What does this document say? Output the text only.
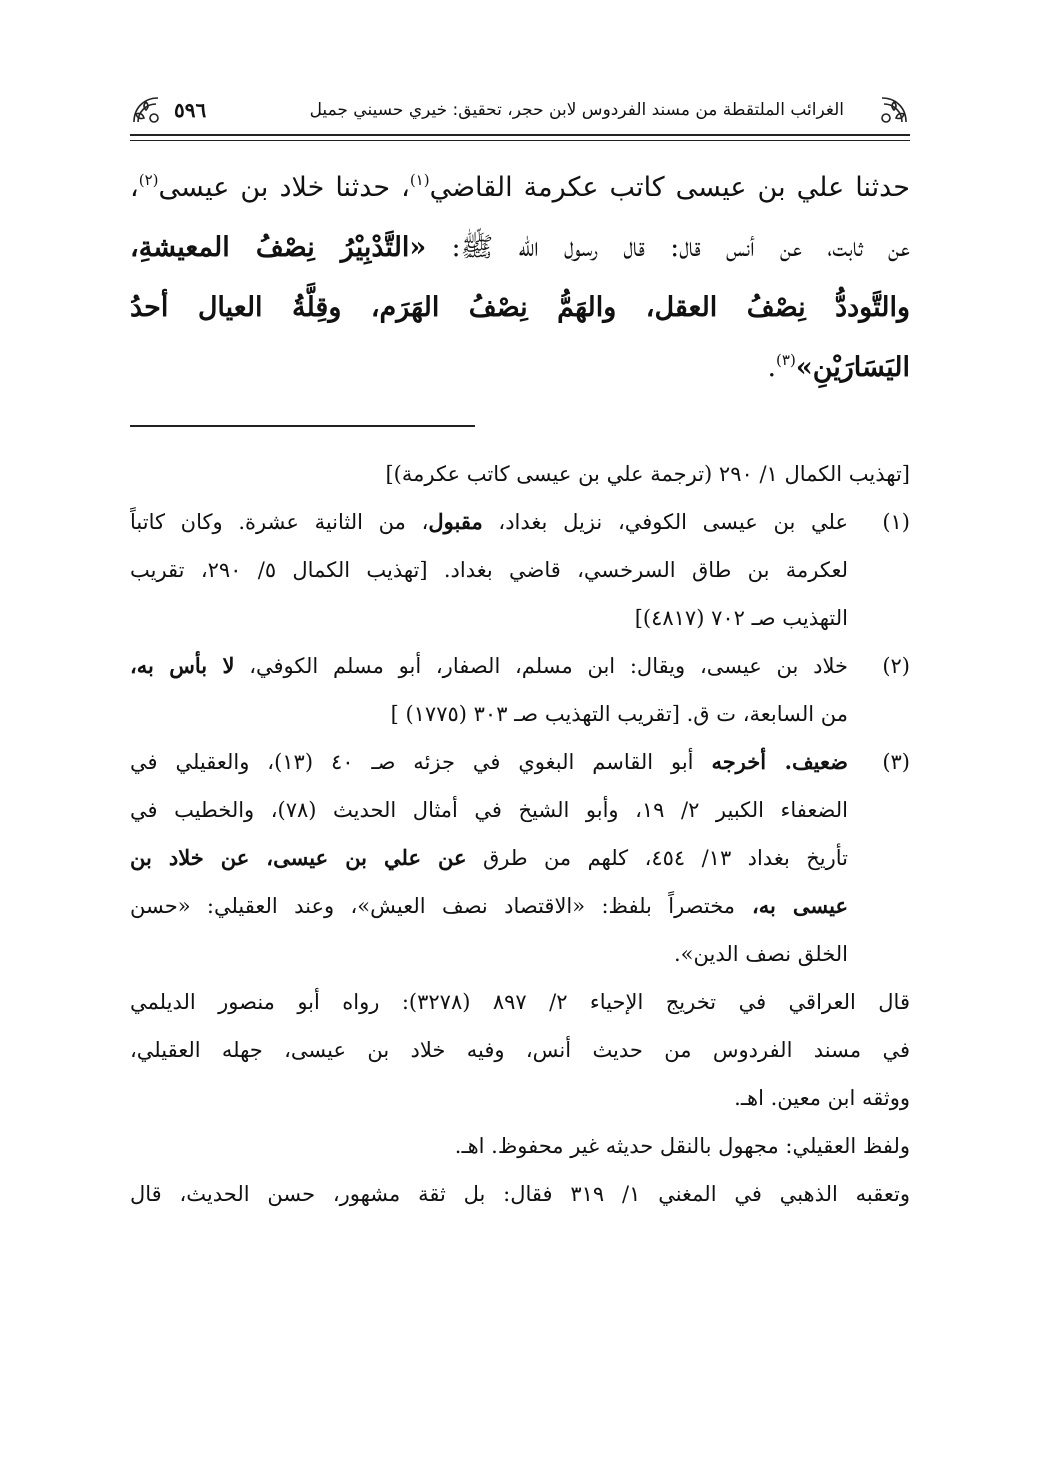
٥٩٦	الغرائب الملتقطة من مسند الفردوس لابن حجر، تحقيق: خيري حسيني جميل
حدثنا علي بن عيسى كاتب عكرمة القاضي$^{(١)}$، حدثنا خلاد بن عيسى$^{(٢)}$،
عن ثابت، عن أنس قال: قال رسول الله ﷺ: «التَّدْبِيْرُ نِصْفُ المعيشةِ،
والتَّوددُّ نِصْفُ العقل، والهَمُّ نِصْفُ الهَرَم، وقِلَّةُ العيال أحدُ
اليَسَارَيْنِ»$^{(٣)}$.
[تهذيب الكمال ١/ ٢٩٠ (ترجمة علي بن عيسى كاتب عكرمة)]
(١)
علي بن عيسى الكوفي، نزيل بغداد، مقبول، من الثانية عشرة. وكان كاتباً
لعكرمة بن طاق السرخسي، قاضي بغداد. [تهذيب الكمال ٥/ ٢٩٠، تقريب
التهذيب صـ ٧٠٢ (٤٨١٧)]
(٢)
خلاد بن عيسى، ويقال: ابن مسلم، الصفار، أبو مسلم الكوفي، لا بأس به،
من السابعة، ت ق. [تقريب التهذيب صـ ٣٠٣ (١٧٧٥) ]
(٣)
ضعيف. أخرجه أبو القاسم البغوي في جزئه صـ ٤٠ (١٣)، والعقيلي في
الضعفاء الكبير ٢/ ١٩، وأبو الشيخ في أمثال الحديث (٧٨)، والخطيب في
تأريخ بغداد ١٣/ ٤٥٤، كلهم من طرق عن علي بن عيسى، عن خلاد بن
عيسى به، مختصراً بلفظ: «الاقتصاد نصف العيش»، وعند العقيلي: «حسن
الخلق نصف الدين».
قال العراقي في تخريج الإحياء ٢/ ٨٩٧ (٣٢٧٨): رواه أبو منصور الديلمي
في مسند الفردوس من حديث أنس، وفيه خلاد بن عيسى، جهله العقيلي،
ووثقه ابن معين. اهـ.
ولفظ العقيلي: مجهول بالنقل حديثه غير محفوظ. اهـ.
وتعقبه الذهبي في المغني ١/ ٣١٩ فقال: بل ثقة مشهور، حسن الحديث، قال
